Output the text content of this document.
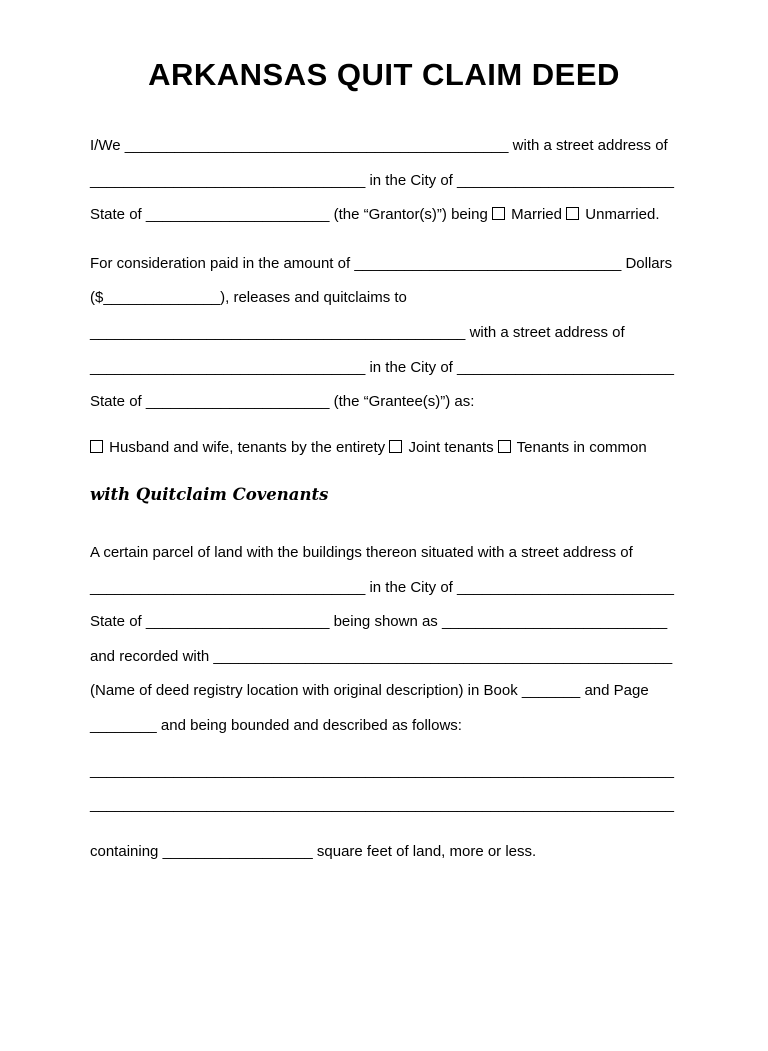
ARKANSAS QUIT CLAIM DEED
I/We ______________________________________________ with a street address of
_________________________________ in the City of __________________________
State of ______________________ (the “Grantor(s)”) being  Married  Unmarried.
For consideration paid in the amount of ________________________________ Dollars
($______________), releases and quitclaims to
_____________________________________________ with a street address of
_________________________________ in the City of __________________________
State of ______________________ (the “Grantee(s)”) as:
Husband and wife, tenants by the entirety  Joint tenants  Tenants in common
with Quitclaim Covenants
A certain parcel of land with the buildings thereon situated with a street address of
_________________________________ in the City of __________________________
State of ______________________ being shown as ___________________________
and recorded with _______________________________________________________
(Name of deed registry location with original description) in Book _______ and Page
________ and being bounded and described as follows:
______________________________________________________________________
______________________________________________________________________
containing __________________ square feet of land, more or less.
